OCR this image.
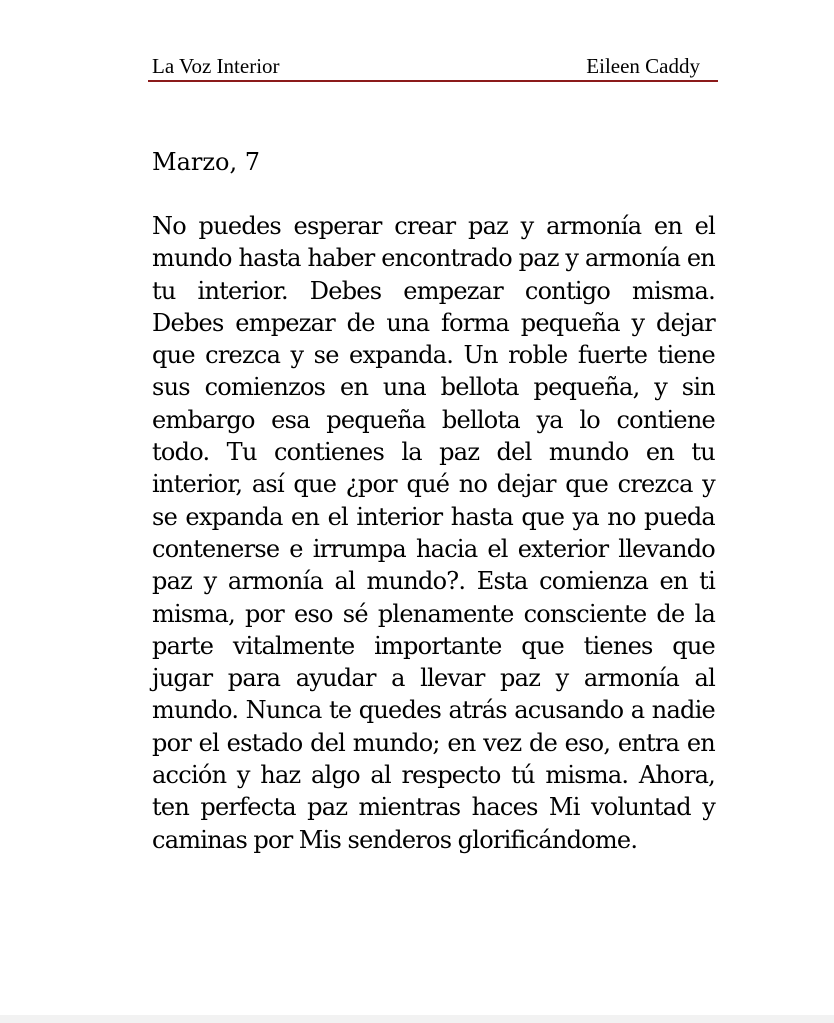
La Voz Interior	Eileen Caddy
Marzo, 7

No puedes esperar crear paz y armonía en el mundo hasta haber encontrado paz y armonía en tu interior. Debes empezar contigo misma. Debes empezar de una forma pequeña y dejar que crezca y se expanda. Un roble fuerte tiene sus comienzos en una bellota pequeña, y sin embargo esa pequeña bellota ya lo contiene todo. Tu contienes la paz del mundo en tu interior, así que ¿por qué no dejar que crezca y se expanda en el interior hasta que ya no pueda contenerse e irrumpa hacia el exterior llevando paz y armonía al mundo?. Esta comienza en ti misma, por eso sé plenamente consciente de la parte vitalmente importante que tienes que jugar para ayudar a llevar paz y armonía al mundo. Nunca te quedes atrás acusando a nadie por el estado del mundo; en vez de eso, entra en acción y haz algo al respecto tú misma. Ahora, ten perfecta paz mientras haces Mi voluntad y caminas por Mis senderos glorificándome.
